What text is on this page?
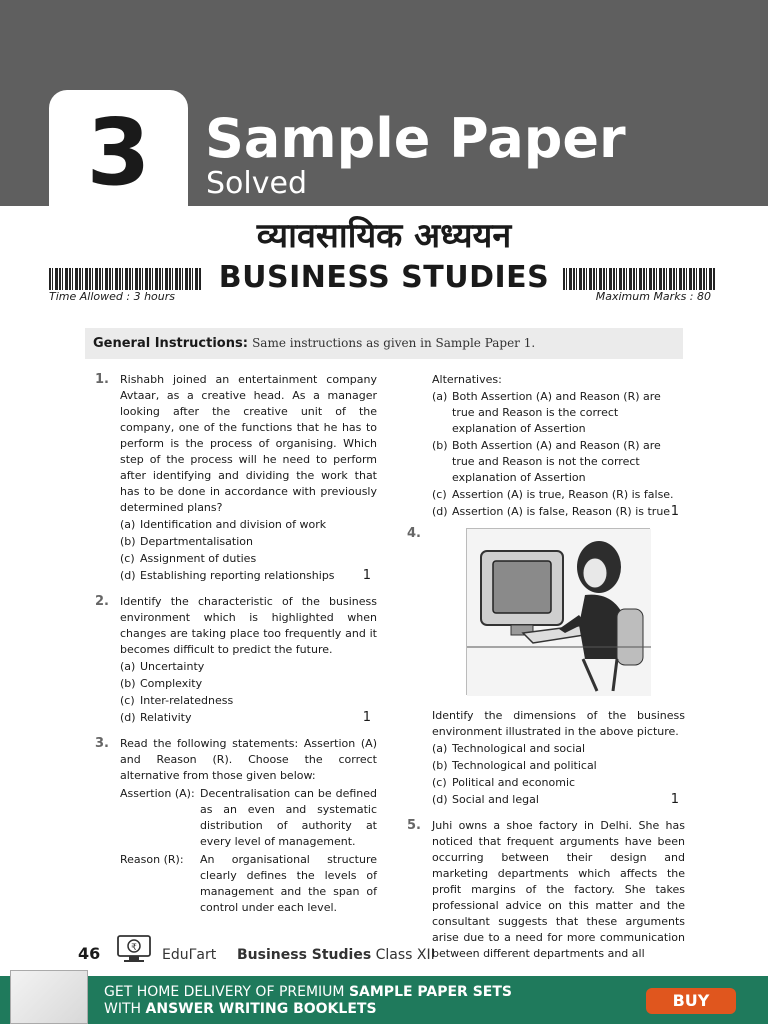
3	Sample Paper
Solved
व्यावसायिक अध्ययन
BUSINESS STUDIES
Time Allowed : 3 hours	Maximum Marks : 80
General Instructions: Same instructions as given in Sample Paper 1.
1. Rishabh joined an entertainment company Avtaar, as a creative head. As a manager looking after the creative unit of the company, one of the functions that he has to perform is the process of organising. Which step of the process will he need to perform after identifying and dividing the work that has to be done in accordance with previously determined plans?
(a) Identification and division of work
(b) Departmentalisation
(c) Assignment of duties
(d) Establishing reporting relationships 1
2. Identify the characteristic of the business environment which is highlighted when changes are taking place too frequently and it becomes difficult to predict the future.
(a) Uncertainty
(b) Complexity
(c) Inter-relatedness
(d) Relativity	1
3. Read the following statements: Assertion (A) and Reason (R). Choose the correct alternative from those given below:
Assertion (A): Decentralisation can be defined as an even and systematic distribution of authority at every level of management.
Reason (R): An organisational structure clearly defines the levels of management and the span of control under each level.
Alternatives:
(a) Both Assertion (A) and Reason (R) are true and Reason is the correct explanation of Assertion
(b) Both Assertion (A) and Reason (R) are true and Reason is not the correct explanation of Assertion
(c) Assertion (A) is true, Reason (R) is false.
(d) Assertion (A) is false, Reason (R) is true 1
4.
Identify the dimensions of the business environment illustrated in the above picture.
(a) Technological and social
(b) Technological and political
(c) Political and economic
(d) Social and legal	1
5. Juhi owns a shoe factory in Delhi. She has noticed that frequent arguments have been occurring between their design and marketing departments which affects the profit margins of the factory. She takes professional advice on this matter and the consultant suggests that these arguments arise due to a need for more communication between different departments and all
46	₹ EduΓart Business Studies Class XII
GET HOME DELIVERY OF PREMIUM SAMPLE PAPER SETS
WITH ANSWER WRITING BOOKLETS	BUY
